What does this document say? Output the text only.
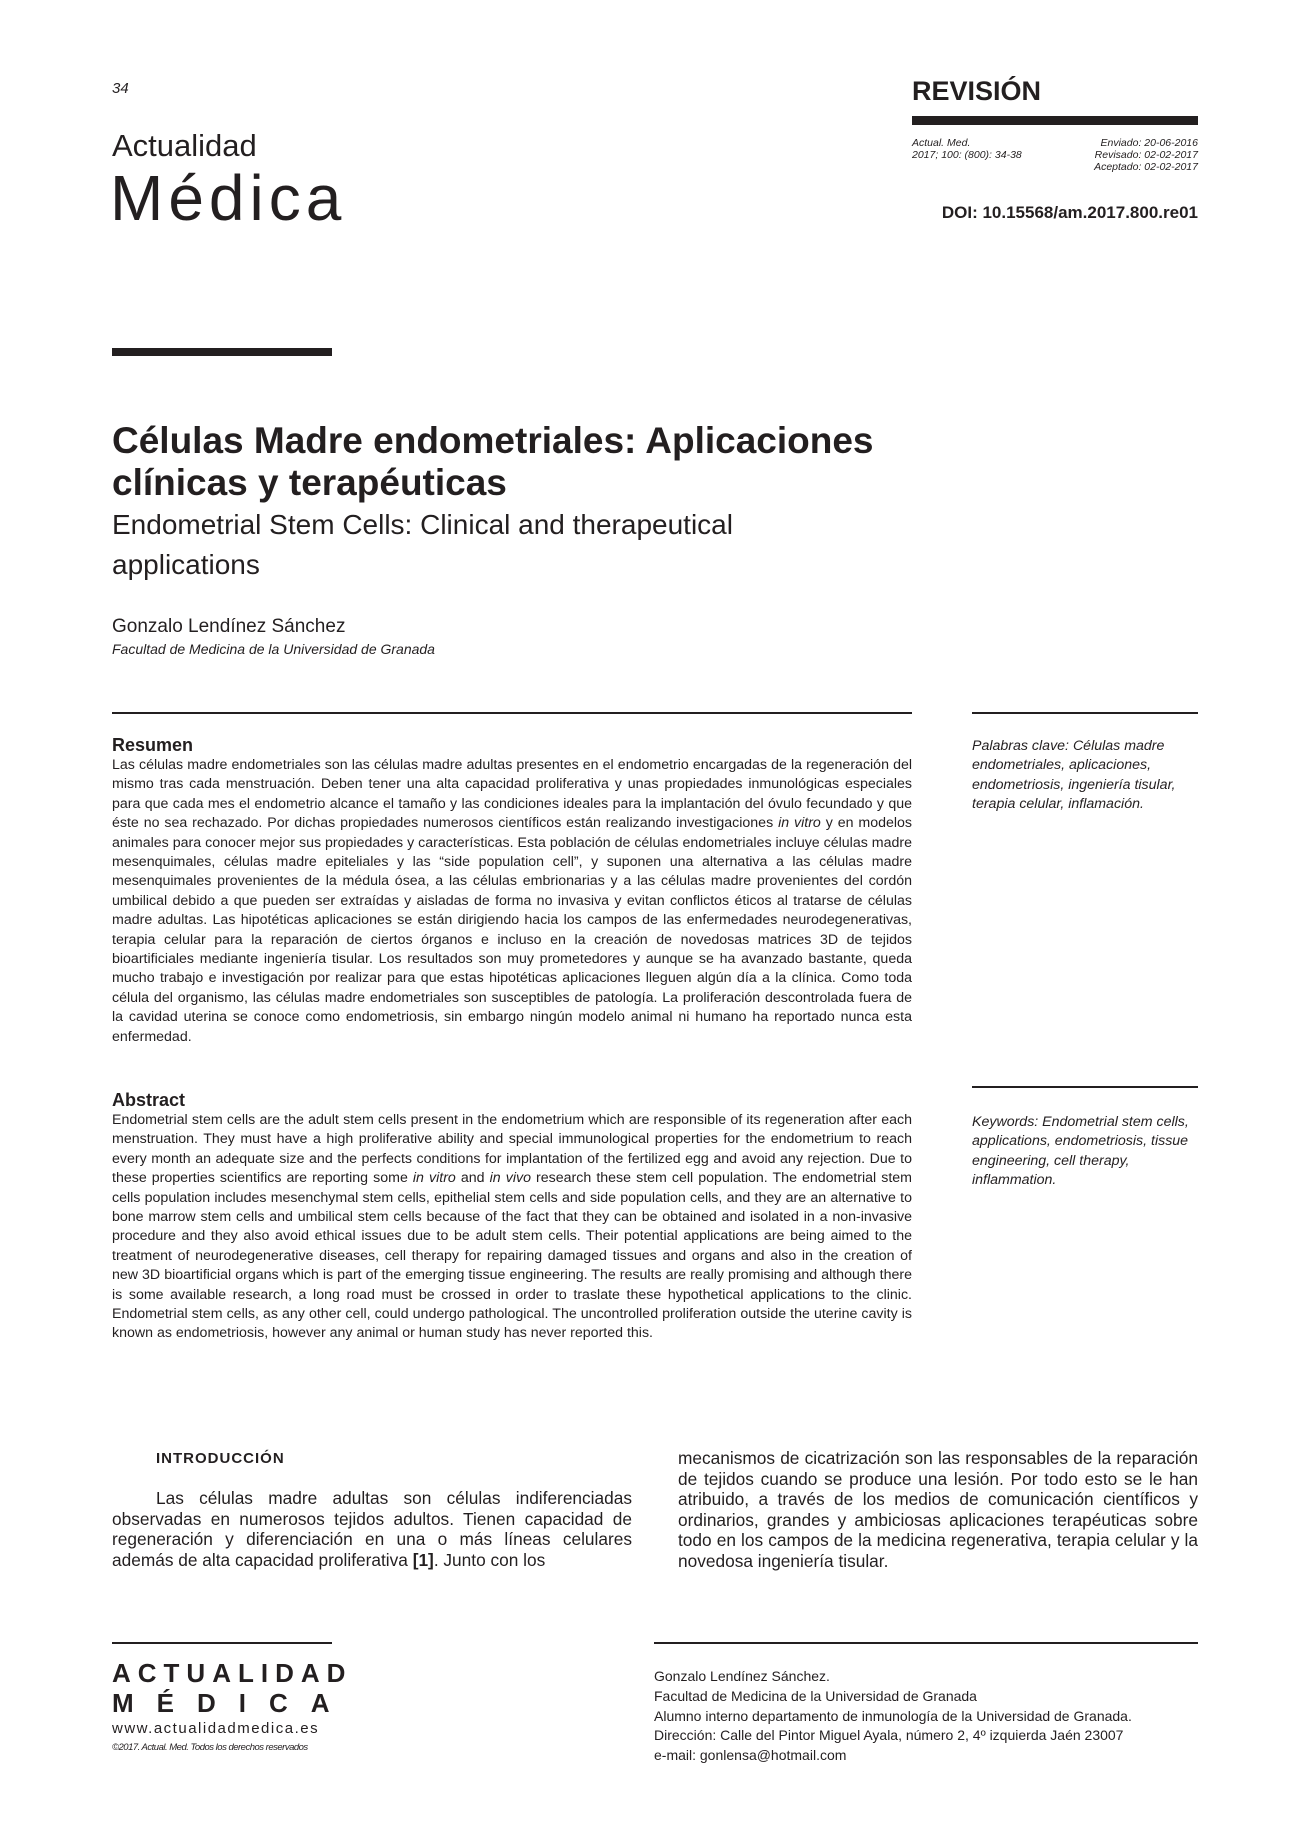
34
Actualidad
Médica
REVISIÓN
Actual. Med.
2017; 100: (800): 34-38
Enviado: 20-06-2016
Revisado: 02-02-2017
Aceptado: 02-02-2017
DOI: 10.15568/am.2017.800.re01
Células Madre endometriales: Aplicaciones clínicas y terapéuticas
Endometrial Stem Cells: Clinical and therapeutical applications
Gonzalo Lendínez Sánchez
Facultad de Medicina de la Universidad de Granada
Resumen
Las células madre endometriales son las células madre adultas presentes en el endometrio encargadas de la regeneración del mismo tras cada menstruación. Deben tener una alta capacidad proliferativa y unas propiedades inmunológicas especiales para que cada mes el endometrio alcance el tamaño y las condiciones ideales para la implantación del óvulo fecundado y que éste no sea rechazado. Por dichas propiedades numerosos científicos están realizando investigaciones in vitro y en modelos animales para conocer mejor sus propiedades y características. Esta población de células endometriales incluye células madre mesenquimales, células madre epiteliales y las “side population cell”, y suponen una alternativa a las células madre mesenquimales provenientes de la médula ósea, a las células embrionarias y a las células madre provenientes del cordón umbilical debido a que pueden ser extraídas y aisladas de forma no invasiva y evitan conflictos éticos al tratarse de células madre adultas. Las hipotéticas aplicaciones se están dirigiendo hacia los campos de las enfermedades neurodegenerativas, terapia celular para la reparación de ciertos órganos e incluso en la creación de novedosas matrices 3D de tejidos bioartificiales mediante ingeniería tisular. Los resultados son muy prometedores y aunque se ha avanzado bastante, queda mucho trabajo e investigación por realizar para que estas hipotéticas aplicaciones lleguen algún día a la clínica. Como toda célula del organismo, las células madre endometriales son susceptibles de patología. La proliferación descontrolada fuera de la cavidad uterina se conoce como endometriosis, sin embargo ningún modelo animal ni humano ha reportado nunca esta enfermedad.
Palabras clave: Células madre endometriales, aplicaciones, endometriosis, ingeniería tisular, terapia celular, inflamación.
Abstract
Endometrial stem cells are the adult stem cells present in the endometrium which are responsible of its regeneration after each menstruation. They must have a high proliferative ability and special immunological properties for the endometrium to reach every month an adequate size and the perfects conditions for implantation of the fertilized egg and avoid any rejection. Due to these properties scientifics are reporting some in vitro and in vivo research these stem cell population. The endometrial stem cells population includes mesenchymal stem cells, epithelial stem cells and side population cells, and they are an alternative to bone marrow stem cells and umbilical stem cells because of the fact that they can be obtained and isolated in a non-invasive procedure and they also avoid ethical issues due to be adult stem cells. Their potential applications are being aimed to the treatment of neurodegenerative diseases, cell therapy for repairing damaged tissues and organs and also in the creation of new 3D bioartificial organs which is part of the emerging tissue engineering. The results are really promising and although there is some available research, a long road must be crossed in order to traslate these hypothetical applications to the clinic. Endometrial stem cells, as any other cell, could undergo pathological. The uncontrolled proliferation outside the uterine cavity is known as endometriosis, however any animal or human study has never reported this.
Keywords: Endometrial stem cells, applications, endometriosis, tissue engineering, cell therapy, inflammation.
INTRODUCCIÓN
Las células madre adultas son células indiferenciadas observadas en numerosos tejidos adultos. Tienen capacidad de regeneración y diferenciación en una o más líneas celulares además de alta capacidad proliferativa [1]. Junto con los
mecanismos de cicatrización son las responsables de la reparación de tejidos cuando se produce una lesión. Por todo esto se le han atribuido, a través de los medios de comunicación científicos y ordinarios, grandes y ambiciosas aplicaciones terapéuticas sobre todo en los campos de la medicina regenerativa, terapia celular y la novedosa ingeniería tisular.
ACTUALIDAD
MÉDICA
www.actualidadmedica.es
©2017. Actual. Med. Todos los derechos reservados
Gonzalo Lendínez Sánchez.
Facultad de Medicina de la Universidad de Granada
Alumno interno departamento de inmunología de la Universidad de Granada.
Dirección: Calle del Pintor Miguel Ayala, número 2, 4º izquierda Jaén 23007
e-mail: gonlensa@hotmail.com
